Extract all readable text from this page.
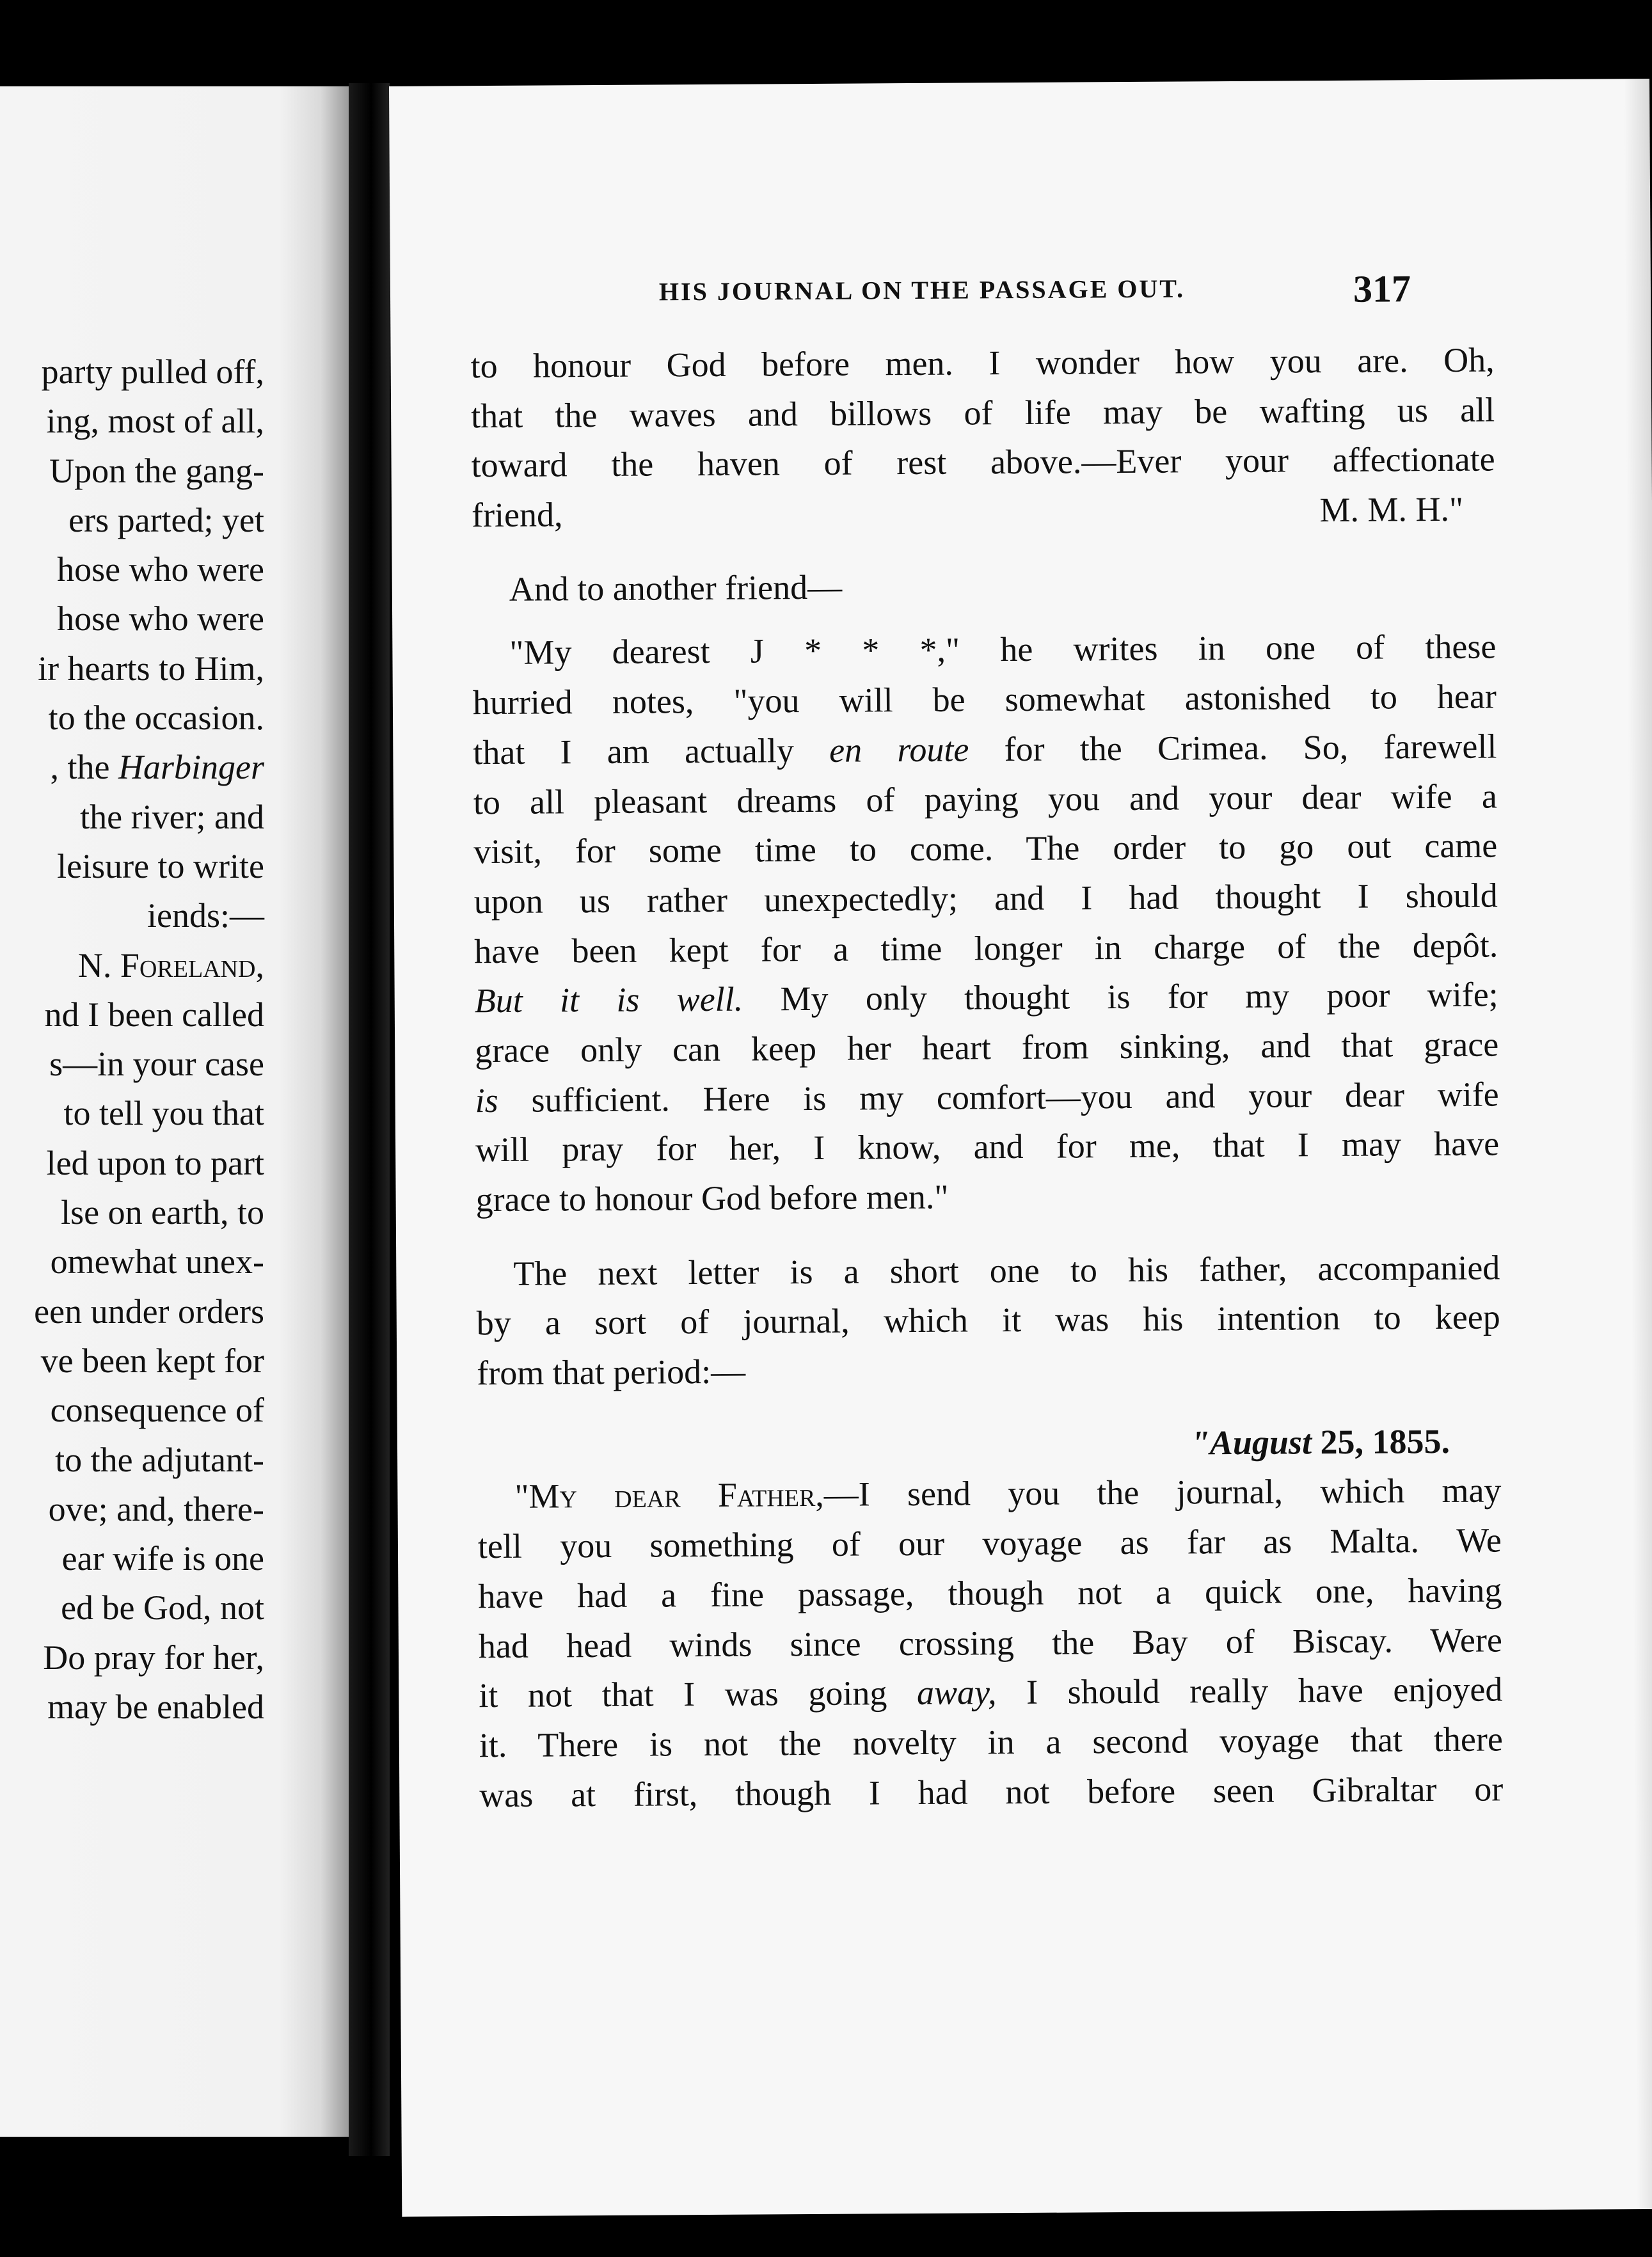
party pulled off,
ing, most of all,
Upon the gang-
ers parted; yet
hose who were
hose who were
ir hearts to Him,
to the occasion.
, the Harbinger
the river; and
leisure to write
iends:—
N. Foreland,
nd I been called
s—in your case
to tell you that
led upon to part
lse on earth, to
omewhat unex-
een under orders
ve been kept for
consequence of
to the adjutant-
ove; and, there-
ear wife is one
ed be God, not
Do pray for her,
may be enabled
HIS JOURNAL ON THE PASSAGE OUT.	317
to honour God before men. I wonder how you are. Oh,
that the waves and billows of life may be wafting us all
toward the haven of rest above.—Ever your affectionate
friend,	M. M. H."
And to another friend—
"My dearest J * * *," he writes in one of these
hurried notes, "you will be somewhat astonished to hear
that I am actually en route for the Crimea. So, farewell
to all pleasant dreams of paying you and your dear wife a
visit, for some time to come. The order to go out came
upon us rather unexpectedly; and I had thought I should
have been kept for a time longer in charge of the depôt.
But it is well. My only thought is for my poor wife;
grace only can keep her heart from sinking, and that grace
is sufficient. Here is my comfort—you and your dear wife
will pray for her, I know, and for me, that I may have
grace to honour God before men."
The next letter is a short one to his father, accompanied
by a sort of journal, which it was his intention to keep
from that period:—
"August 25, 1855.
"My dear Father,—I send you the journal, which may
tell you something of our voyage as far as Malta. We
have had a fine passage, though not a quick one, having
had head winds since crossing the Bay of Biscay. Were
it not that I was going away, I should really have enjoyed
it. There is not the novelty in a second voyage that there
was at first, though I had not before seen Gibraltar or
